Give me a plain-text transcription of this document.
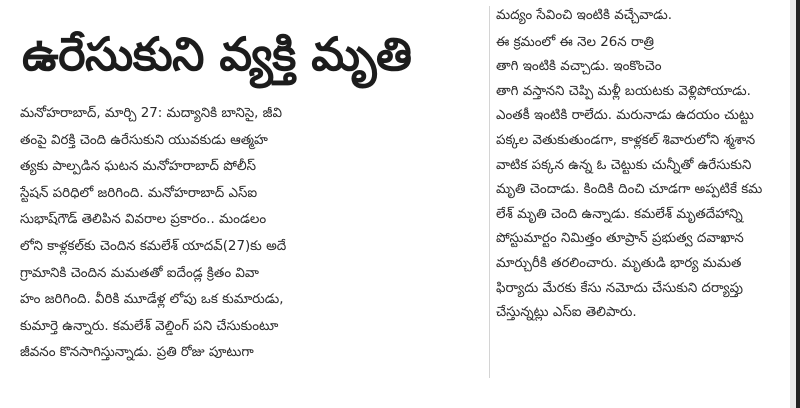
ఉరేసుకుని వ్యక్తి మృతి
మనోహరాబాద్, మార్చి 27: మద్యానికి బానిసై, జీవి
తంపై విరక్తి చెంది ఉరేసుకుని యువకుడు ఆత్మహ
త్యకు పాల్పడిన ఘటన మనోహరాబాద్ పోలీస్
స్టేషన్ పరిధిలో జరిగింది. మనోహరాబాద్ ఎస్ఐ
సుభాష్‌గౌడ్ తెలిపిన వివరాల ప్రకారం.. మండలం
లోని కాళ్లకల్‌కు చెందిన కమలేశ్ యాదవ్(27)కు అదే
గ్రామానికి చెందిన మమతతో ఐదేండ్ల క్రితం వివా
హం జరిగింది. వీరికి మూడేళ్ల లోపు ఒక కుమారుడు,
కుమార్తె ఉన్నారు. కమలేశ్ వెల్డింగ్ పని చేసుకుంటూ
జీవనం కొనసాగిస్తున్నాడు. ప్రతి రోజు పూటుగా
మద్యం సేవించి ఇంటికి వచ్చేవాడు.
ఈ క్రమంలో ఈ నెల 26న రాత్రి
తాగి ఇంటికి వచ్చాడు. ఇంకొంచెం
తాగి వస్తానని చెప్పి మళ్లీ బయటకు వెళ్లిపోయాడు.
ఎంతకీ ఇంటికి రాలేదు. మరునాడు ఉదయం చుట్టు
పక్కల వెతుకుతుండగా, కాళ్లకల్ శివారులోని శ్మశాన
వాటిక పక్కన ఉన్న ఓ చెట్టుకు చున్నీతో ఉరేసుకుని
మృతి చెందాడు. కిందికి దించి చూడగా అప్పటికే కమ
లేశ్ మృతి చెంది ఉన్నాడు. కమలేశ్ మృతదేహాన్ని
పోస్టుమార్టం నిమిత్తం తూప్రాన్ ప్రభుత్వ దవాఖాన
మార్చురీకి తరలించారు. మృతుడి భార్య మమత
ఫిర్యాదు మేరకు కేసు నమోదు చేసుకుని దర్యాప్తు
చేస్తున్నట్లు ఎస్ఐ తెలిపారు.
